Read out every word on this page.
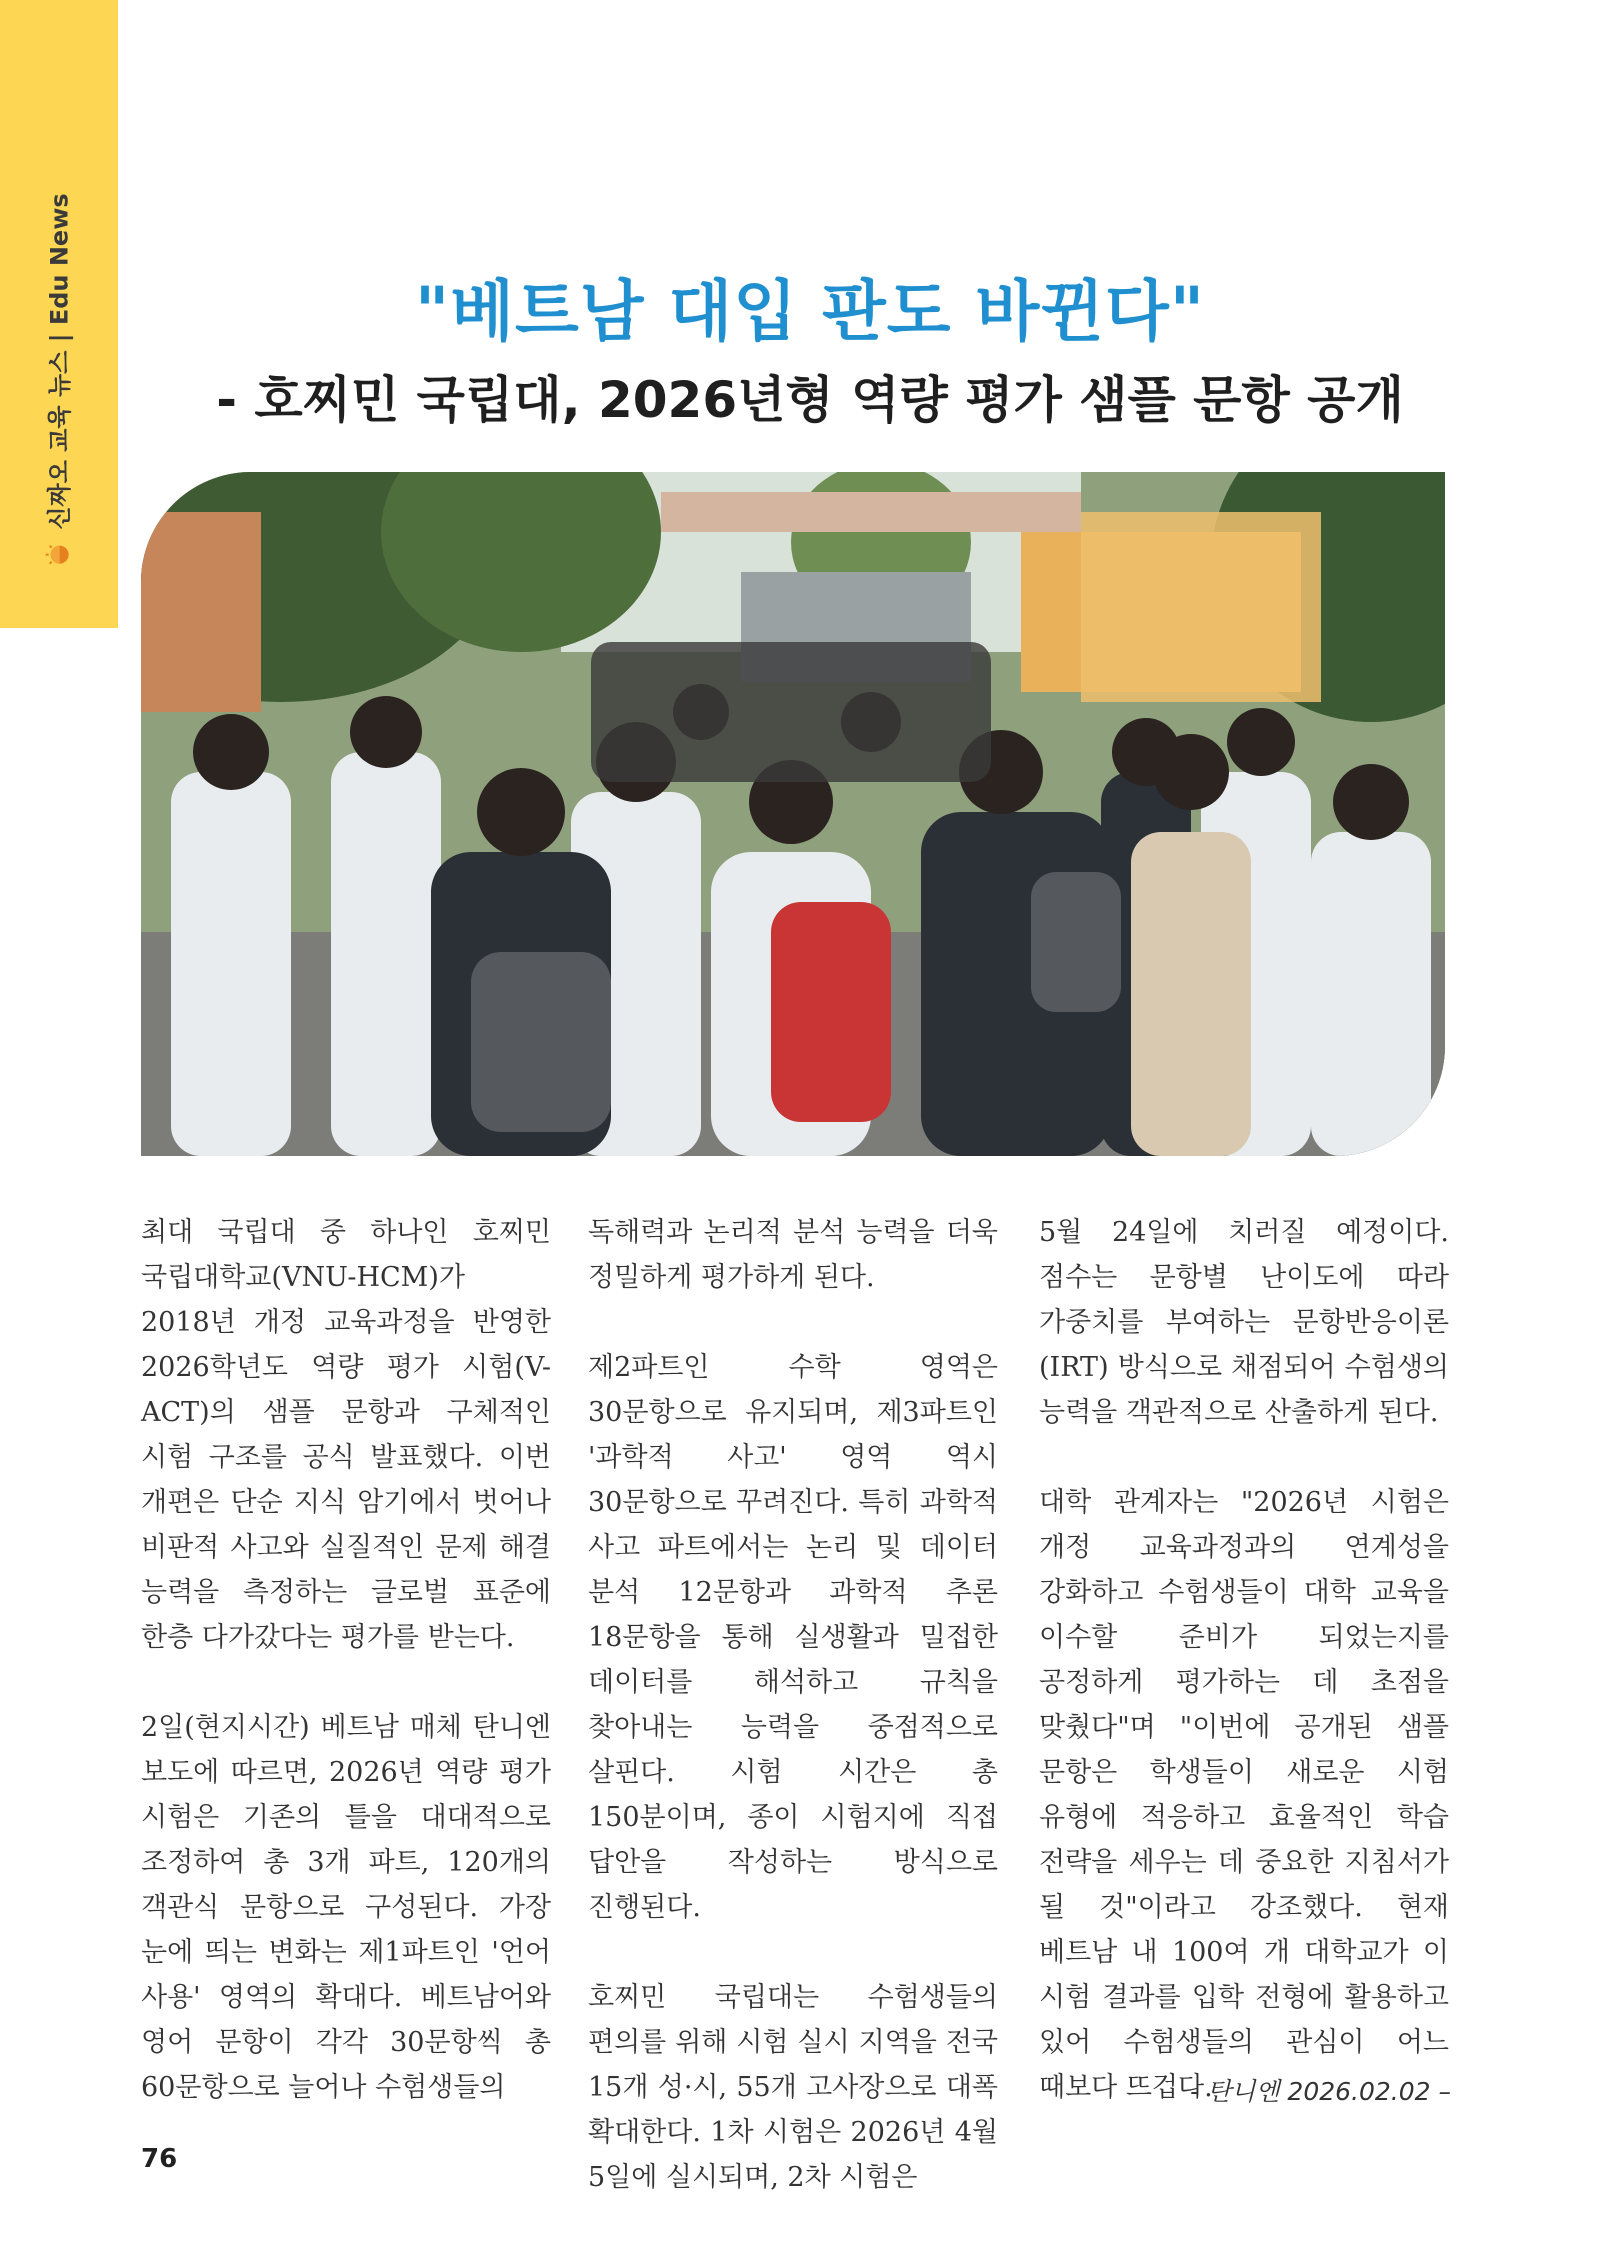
신짜오 교육 뉴스 | Edu News	"베트남 대입 판도 바뀐다"
- 호찌민 국립대, 2026년형 역량 평가 샘플 문항 공개

최대 국립대 중 하나인 호찌민 국립대학교(VNU-HCM)가 2018년 개정 교육과정을 반영한 2026학년도 역량 평가 시험(V-ACT)의 샘플 문항과 구체적인 시험 구조를 공식 발표했다. 이번 개편은 단순 지식 암기에서 벗어나 비판적 사고와 실질적인 문제 해결 능력을 측정하는 글로벌 표준에 한층 다가갔다는 평가를 받는다.

2일(현지시간) 베트남 매체 탄니엔 보도에 따르면, 2026년 역량 평가 시험은 기존의 틀을 대대적으로 조정하여 총 3개 파트, 120개의 객관식 문항으로 구성된다. 가장 눈에 띄는 변화는 제1파트인 '언어 사용' 영역의 확대다. 베트남어와 영어 문항이 각각 30문항씩 총 60문항으로 늘어나 수험생들의

독해력과 논리적 분석 능력을 더욱 정밀하게 평가하게 된다.

제2파트인 수학 영역은 30문항으로 유지되며, 제3파트인 '과학적 사고' 영역 역시 30문항으로 꾸려진다. 특히 과학적 사고 파트에서는 논리 및 데이터 분석 12문항과 과학적 추론 18문항을 통해 실생활과 밀접한 데이터를 해석하고 규칙을 찾아내는 능력을 중점적으로 살핀다. 시험 시간은 총 150분이며, 종이 시험지에 직접 답안을 작성하는 방식으로 진행된다.

호찌민 국립대는 수험생들의 편의를 위해 시험 실시 지역을 전국 15개 성·시, 55개 고사장으로 대폭 확대한다. 1차 시험은 2026년 4월 5일에 실시되며, 2차 시험은

5월 24일에 치러질 예정이다. 점수는 문항별 난이도에 따라 가중치를 부여하는 문항반응이론(IRT) 방식으로 채점되어 수험생의 능력을 객관적으로 산출하게 된다.

대학 관계자는 "2026년 시험은 개정 교육과정과의 연계성을 강화하고 수험생들이 대학 교육을 이수할 준비가 되었는지를 공정하게 평가하는 데 초점을 맞췄다"며 "이번에 공개된 샘플 문항은 학생들이 새로운 시험 유형에 적응하고 효율적인 학습 전략을 세우는 데 중요한 지침서가 될 것"이라고 강조했다. 현재 베트남 내 100여 개 대학교가 이 시험 결과를 입학 전형에 활용하고 있어 수험생들의 관심이 어느 때보다 뜨겁다.

- 탄니엔 2026.02.02 –
76
